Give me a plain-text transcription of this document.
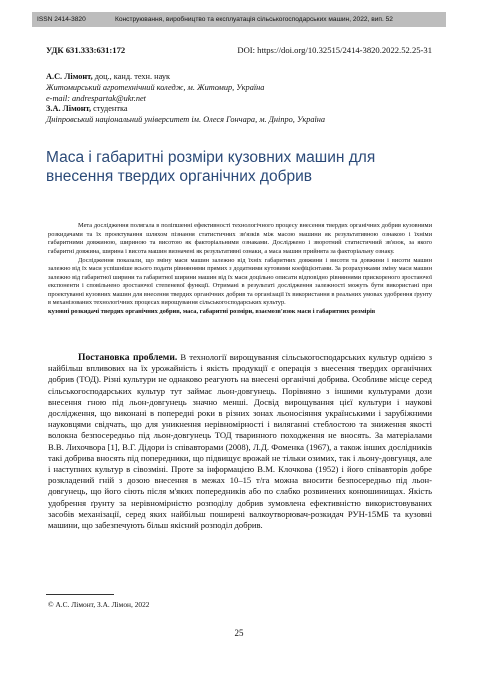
ISSN 2414-3820	Конструювання, виробництво та експлуатація сільськогосподарських машин, 2022, вип. 52
УДК 631.333:631:172	DOI: https://doi.org/10.32515/2414-3820.2022.52.25-31
А.С. Лімонт, доц., канд. техн. наук
Житомирський агротехнічний коледж, м. Житомир, Україна
e-mail: andrespartak@ukr.net
З.А. Лімонт, студентка
Дніпровський національний університет ім. Олеся Гончара, м. Дніпро, Україна
Маса і габаритні розміри кузовних машин для внесення твердих органічних добрив

Мета дослідження полягала в поліпшенні ефективності технологічного процесу внесення твердих органічних добрив кузовними розкидачами та їх проектування шляхом пізнання статистичних зв'язків між масою машини як результативною ознакою і їхніми габаритними довжиною, шириною та висотою як факторіальними ознаками. Досліджено і зворотний статистичний зв'язок, за якого габаритні довжина, ширина і висота машин визначені як результативні ознаки, а маса машин прийнята за факторіальну ознаку.

Дослідження показали, що зміну маси машин залежно від їхніх габаритних довжини і висоти та довжини і висоти машин залежно від їх маси успішніше всього подати рівняннями прямих з додатними кутовими коефіцієнтами. За розрахунками зміну маси машин залежно від габаритної ширини та габаритної ширини машин від їх маси доцільно описати відповідно рівняннями прискореного зростаючої експоненти і сповільнено зростаючої степеневої функції. Отримані в результаті дослідження залежності можуть бути використані при проектуванні кузовних машин для внесення твердих органічних добрив та організації їх використання в реальних умовах удобрення ґрунту в механізованих технологічних процесах вирощування сільськогосподарських культур.

кузовні розкидачі твердих органічних добрив, маса, габаритні розміри, взаємозв'язок маси і габаритних розмірів

Постановка проблеми. В технології вирощування сільськогосподарських культур однією з найбільш впливових на їх урожайність і якість продукції є операція з внесення твердих органічних добрив (ТОД). Різні культури не однаково реагують на внесені органічні добрива. Особливе місце серед сільськогосподарських культур тут займає льон-довгунець. Порівняно з іншими культурами дози внесення гною під льон-довгунець значно менші. Досвід вирощування цієї культури і наукові дослідження, що виконані в попередні роки в різних зонах льоносіяння українськими і зарубіжними науковцями свідчать, що для уникнення нерівномірності і виляганні стеблостою та зниження якості волокна безпосередньо під льон-довгунець ТОД тваринного походження не вносять. За матеріалами В.В. Лихочвора [1], В.Г. Дідори із співавторами (2008), Л.Д. Фоменка (1967), а також інших дослідників такі добрива вносять під попередники, що підвищує врожай не тільки озимих, так і льону-довгунця, але і наступних культур в сівозміні. Проте за інформацією В.М. Клочкова (1952) і його співавторів добре розкладений гній з дозою внесення в межах 10–15 т/га можна вносити безпосередньо під льон-довгунець, що його сіють після м'яких попередників або по слабко розвинених конюшинищах. Якість удобрення ґрунту за нерівномірністю розподілу добрив зумовлена ефективністю використовуваних засобів механізації, серед яких найбільш поширені валкоутворювач-розкидач РУН-15МБ та кузовні машини, що забезпечують більш якісний розподіл добрив.

© А.С. Лімонт, З.А. Лімон, 2022
25
